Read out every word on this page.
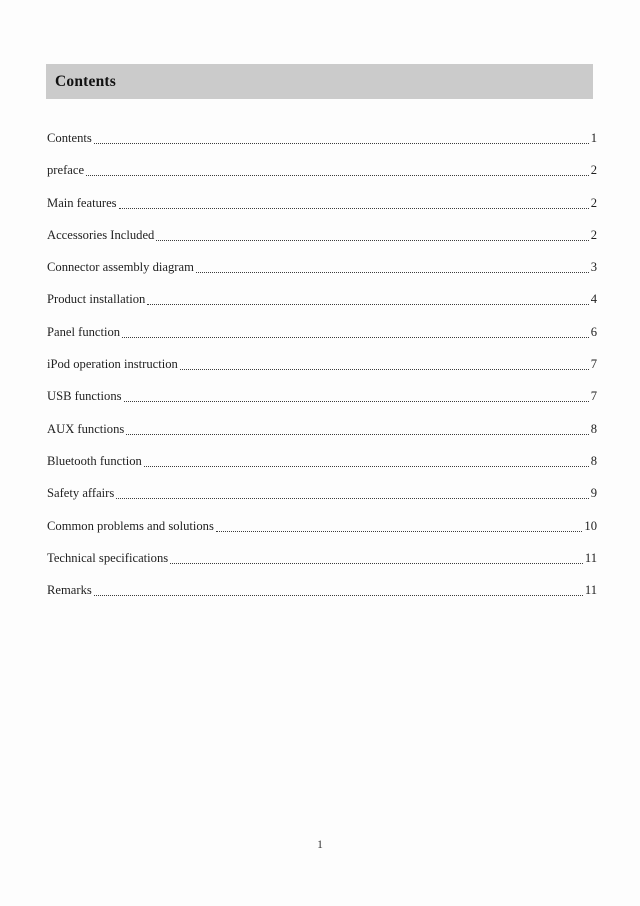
Contents
Contents	1
preface	2
Main features	2
Accessories Included	2
Connector assembly diagram	3
Product installation	4
Panel function	6
iPod operation instruction	7
USB functions	7
AUX functions	8
Bluetooth function	8
Safety affairs	9
Common problems and solutions	10
Technical specifications	11
Remarks	11
1
